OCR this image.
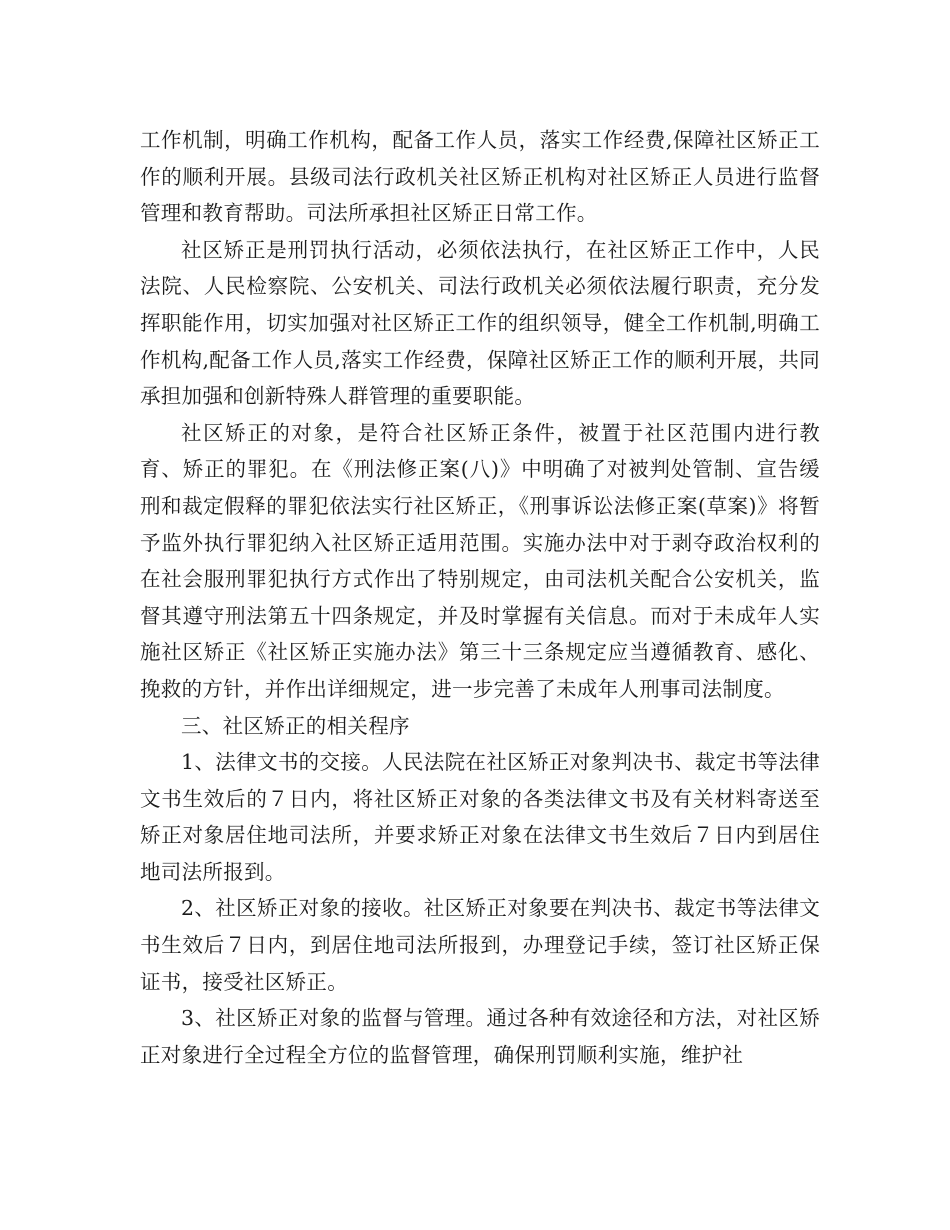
工作机制，明确工作机构，配备工作人员，落实工作经费,保障社区矫正工作的顺利开展。县级司法行政机关社区矫正机构对社区矫正人员进行监督管理和教育帮助。司法所承担社区矫正日常工作。

社区矫正是刑罚执行活动，必须依法执行，在社区矫正工作中，人民法院、人民检察院、公安机关、司法行政机关必须依法履行职责，充分发挥职能作用，切实加强对社区矫正工作的组织领导，健全工作机制,明确工作机构,配备工作人员,落实工作经费，保障社区矫正工作的顺利开展，共同承担加强和创新特殊人群管理的重要职能。

社区矫正的对象，是符合社区矫正条件，被置于社区范围内进行教育、矫正的罪犯。在《刑法修正案(八)》中明确了对被判处管制、宣告缓刑和裁定假释的罪犯依法实行社区矫正，《刑事诉讼法修正案(草案)》将暂予监外执行罪犯纳入社区矫正适用范围。实施办法中对于剥夺政治权利的在社会服刑罪犯执行方式作出了特别规定，由司法机关配合公安机关，监督其遵守刑法第五十四条规定，并及时掌握有关信息。而对于未成年人实施社区矫正《社区矫正实施办法》第三十三条规定应当遵循教育、感化、挽救的方针，并作出详细规定，进一步完善了未成年人刑事司法制度。

三、社区矫正的相关程序

1、法律文书的交接。人民法院在社区矫正对象判决书、裁定书等法律文书生效后的７日内，将社区矫正对象的各类法律文书及有关材料寄送至矫正对象居住地司法所，并要求矫正对象在法律文书生效后７日内到居住地司法所报到。

2、社区矫正对象的接收。社区矫正对象要在判决书、裁定书等法律文书生效后７日内，到居住地司法所报到，办理登记手续，签订社区矫正保证书，接受社区矫正。

3、社区矫正对象的监督与管理。通过各种有效途径和方法，对社区矫正对象进行全过程全方位的监督管理，确保刑罚顺利实施，维护社
